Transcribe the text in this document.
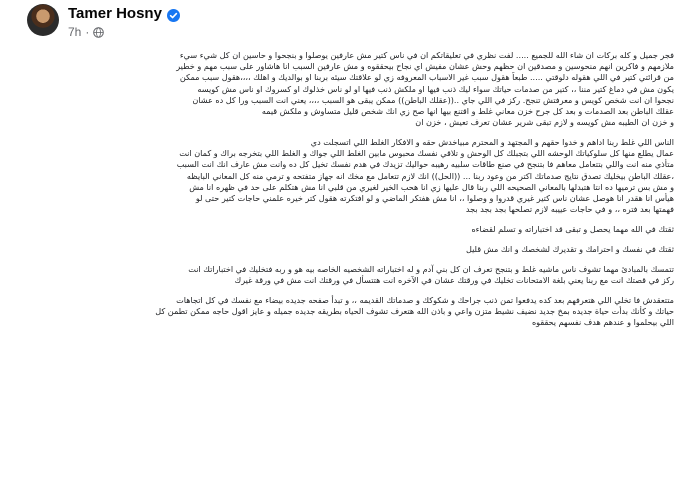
Tamer Hosny
7h ·
فجر جميل و كله بركات ان شاء الله للجميع ..... لفت نظري في تعليقاتكم ان في ناس كتير مش عارفين يوصلوا و بنجحوا و حاسين ان كل شيء سيء
ملازمهم و فاكرين انهم منحوسين و مصدقين ان حظهم وحش عشان مفيش اي نجاح بيحققوه و مش عارفين السبب انا هاشاور على سبب مهم و خطير
من قرائتي كتير في اللي هقوله دلوقتي ..... طبعاً هقول سبب غير الاسباب المعروفه زي لو علاقتك سيئه بربنا او بوالديك و اهلك ،،،،هقول سبب ممكن
يكون مش في دماغ كتير مننا ،، كتير من صدمات حياتك سواء ليك ذنب فيها او ملكش ذنب فيها او لو ناس خذلوك او كسروك او ناس مش كويسه
نجحوا ان انت شخص كويس و معرفتش تنجح. ركز في اللي جاي ..((عقلك الباطن)) ممكن يبقى هو السبب ،،،، يعني انت السبب ورا كل ده عشان
عقلك الباطن بعد الصدمات و بعد كل جرح خزن معاني غلط و اقتنع بيها انها صح زي انك شخص قليل متساوش و ملكش قيمه
و خزن ان الطيبه مش كويسه و لازم تبقى شرير عشان تعرف تعيش ، خزن ان
الناس اللي غلط ربنا اداهم و خدوا حقهم و المجتهد و المحترم مبياخدش حقه و الافكار الغلط اللي اتسجلت دي
عمال يطلع منها كل سلوكياتك الوحشه اللي بتجبلك كل الوحش و تلاقي نفسك محبوس مابين الغلط اللي جواك و الغلط اللي بتخرجه براك و كمان انت
متأذي منه انت واللي بتتعامل معاهم فا بتنجح في صنع طاقات سلبيه رهيبه حواليك تزيدك في هدم نفسك تخيل كل ده وانت مش عارف انك انت السبب
،عقلك الباطن بيخليك تصدق نتايج صدماتك اكتر من وعود ربنا ... ((الحل)) انك لازم تتعامل مع مخك انه جهاز متفتحه و ترمي منه كل المعاني البايظه
و مش بس ترميها ده انتا هتبدلها بالمعاني الصحيحه اللي ربنا قال عليها زي انا هحب الخير لغيري من قلبي انا مش هتكلم على حد في ظهره انا مش
هيأس انا هقدر انا هوصل عشان ناس كتير غيري قدروا و وصلوا ،، انا مش هفتكر الماضي و لو افتكرته هقول كتر خيره علمني حاجات كتير حتى لو
فهمتها بعد فتره ،، و في حاجات عييبه لازم تصلحها بجد بجد بجد
ثقتك في الله مهما يحصل و تبقى قد اختباراته و تسلم لقضاءه
ثقتك في نفسك و احترامك و تقديرك لشخصك و انك مش قليل
تتمسك بالمبادئ مهما تشوف ناس ماشيه غلط و بتنجح تعرف ان كل بني آدم و له اختباراته الشخصيه الخاصه بيه هو و ربه فتخليك في اختباراتك انت
ركز في قصتك انت مع ربنا يعني بلغة الامتحانات تخليك في ورقتك عشان في الآخره انت هتتسأل في ورقتك انت مش في ورقة غيرك
متتعقدش فا تخلي اللي هتعرفهم بعد كده يدفعوا تمن ذنب جراحك و شكوكك و صدماتك القديمه ،، و تبدأ صفحه جديده بيضاء مع نفسك في كل اتجاهات
حياتك و كأنك بدأت حياة جديده بمخ جديد نضيف نشيط متزن واعي و باذن الله هتعرف تشوف الحياه بطريقه جديده جميله و عايز اقول حاجه ممكن تطمن كل
اللي بيحلموا و عندهم هدف نفسهم يحققوه
